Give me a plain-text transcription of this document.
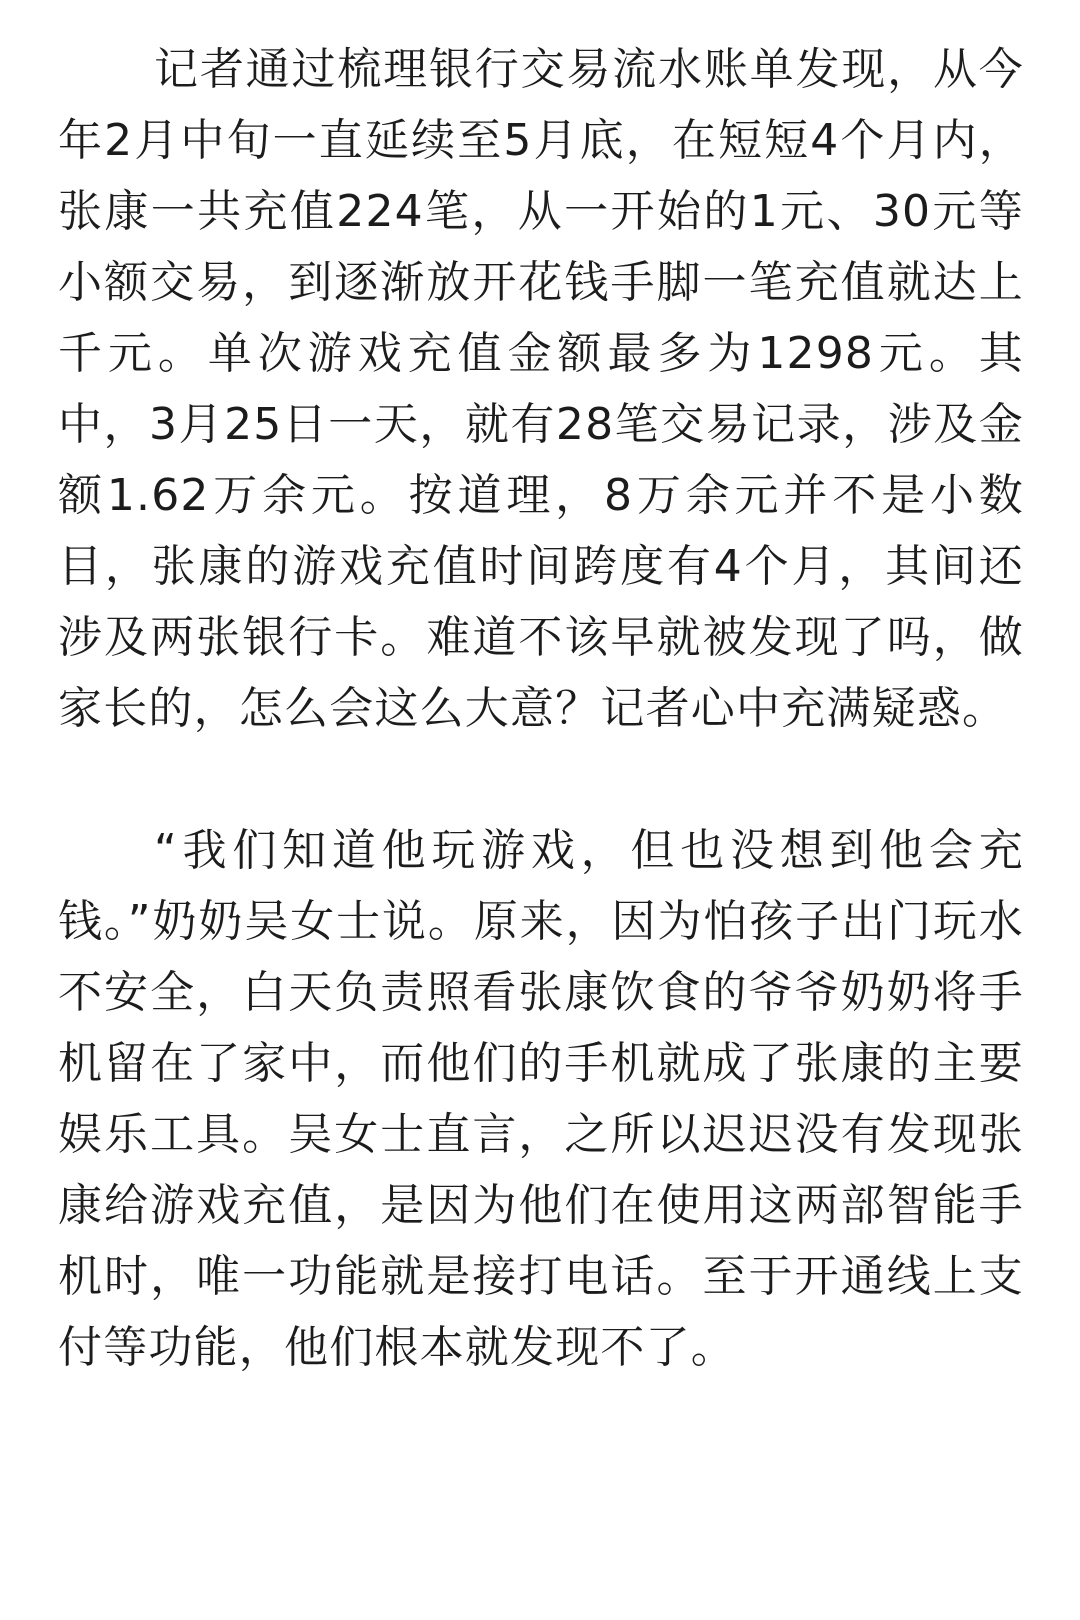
记者通过梳理银行交易流水账单发现，从今年2月中旬一直延续至5月底，在短短4个月内，张康一共充值224笔，从一开始的1元、30元等小额交易，到逐渐放开花钱手脚一笔充值就达上千元。单次游戏充值金额最多为1298元。其中，3月25日一天，就有28笔交易记录，涉及金额1.62万余元。按道理，8万余元并不是小数目，张康的游戏充值时间跨度有4个月，其间还涉及两张银行卡。难道不该早就被发现了吗，做家长的，怎么会这么大意？记者心中充满疑惑。

“我们知道他玩游戏，但也没想到他会充钱。”奶奶吴女士说。原来，因为怕孩子出门玩水不安全，白天负责照看张康饮食的爷爷奶奶将手机留在了家中，而他们的手机就成了张康的主要娱乐工具。吴女士直言，之所以迟迟没有发现张康给游戏充值，是因为他们在使用这两部智能手机时，唯一功能就是接打电话。至于开通线上支付等功能，他们根本就发现不了。
